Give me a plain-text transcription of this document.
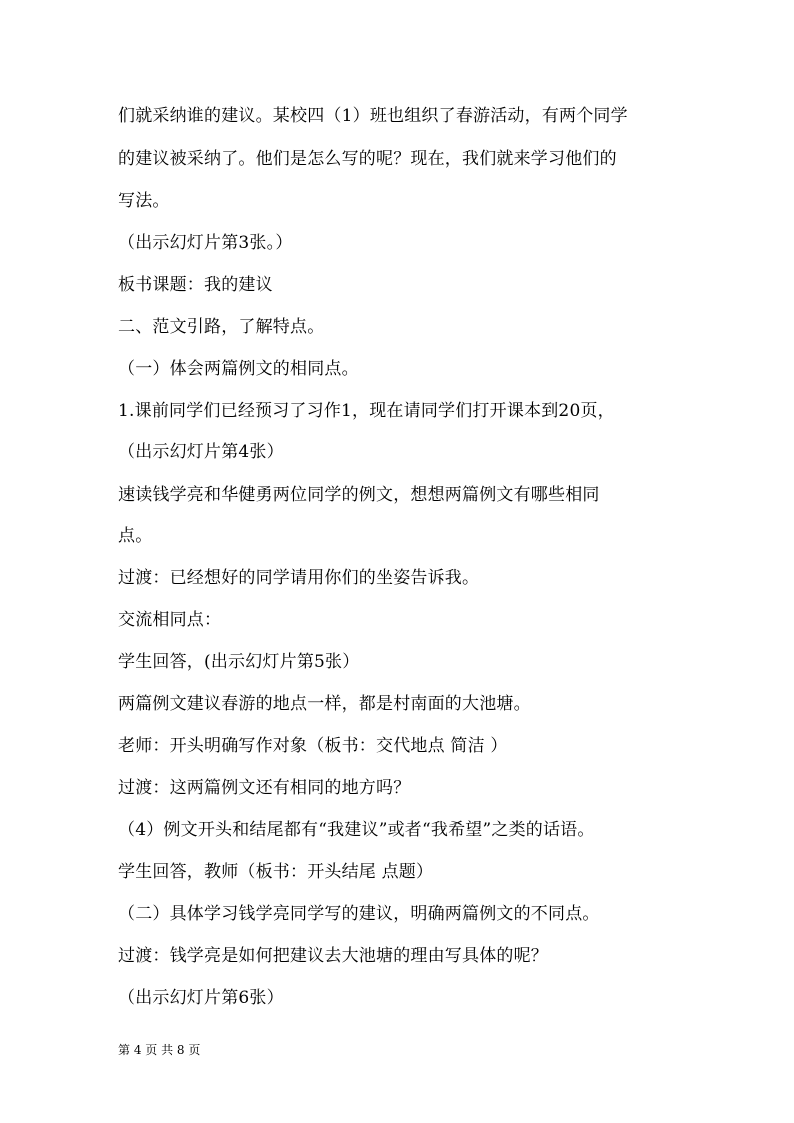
们就采纳谁的建议。某校四（1）班也组织了春游活动，有两个同学
的建议被采纳了。他们是怎么写的呢？现在，我们就来学习他们的
写法。
（出示幻灯片第3张。）
板书课题：我的建议
二、范文引路，了解特点。
（一）体会两篇例文的相同点。
1.课前同学们已经预习了习作1，现在请同学们打开课本到20页，
（出示幻灯片第4张）
速读钱学亮和华健勇两位同学的例文，想想两篇例文有哪些相同
点。
过渡：已经想好的同学请用你们的坐姿告诉我。
交流相同点：
学生回答，(出示幻灯片第5张）
两篇例文建议春游的地点一样，都是村南面的大池塘。
老师：开头明确写作对象（板书：交代地点 简洁 ）
过渡：这两篇例文还有相同的地方吗？
（4）例文开头和结尾都有“我建议”或者“我希望”之类的话语。
学生回答，教师（板书：开头结尾 点题）
（二）具体学习钱学亮同学写的建议，明确两篇例文的不同点。
过渡：钱学亮是如何把建议去大池塘的理由写具体的呢？
（出示幻灯片第6张）
第 4 页 共 8 页
